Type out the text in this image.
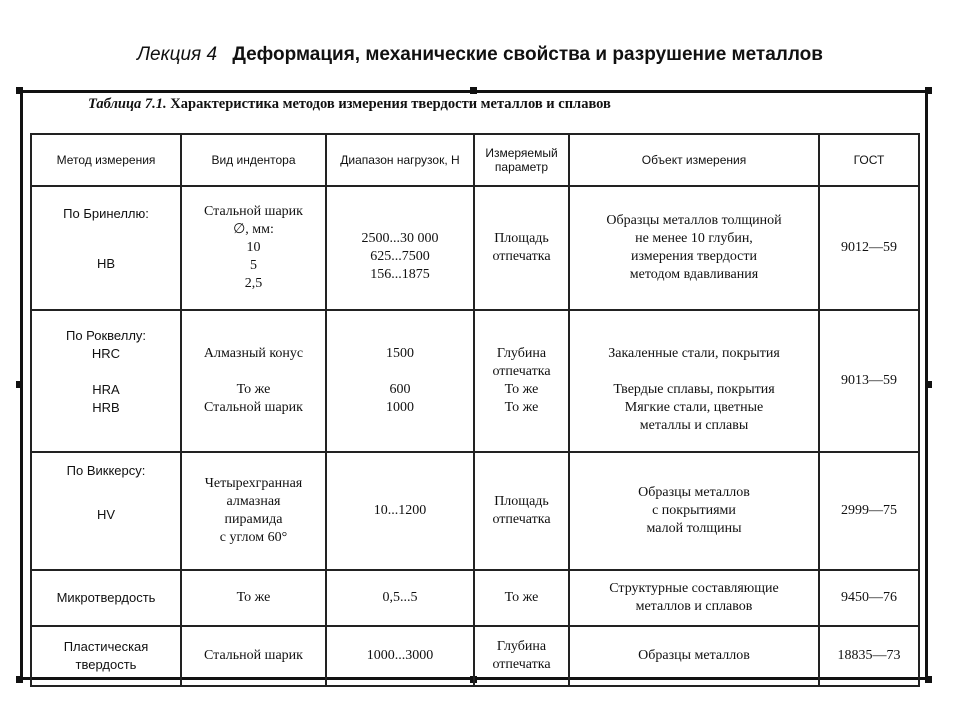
Лекция 4 Деформация, механические свойства и разрушение металлов
Таблица 7.1. Характеристика методов измерения твердости металлов и сплавов
Метод измерения	Вид индентора	Диапазон нагрузок, Н	Измеряемый параметр	Объект измерения	ГОСТ

По Бринеллю:
HB	Стальной шарик
∅, мм:
10
5
2,5	2500...30 000
625...7500
156...1875	Площадь
отпечатка	Образцы металлов толщиной
не менее 10 глубин,
измерения твердости
методом вдавливания	9012—59

По Роквеллу:
HRC
HRA
HRB	Алмазный конус
То же
Стальной шарик	1500
600
1000	Глубина
отпечатка
То же
То же	Закаленные стали, покрытия
Твердые сплавы, покрытия
Мягкие стали, цветные
металлы и сплавы	9013—59

По Виккерсу:
HV	Четырехгранная
алмазная
пирамида
с углом 60°	10...1200	Площадь
отпечатка	Образцы металлов
с покрытиями
малой толщины	2999—75
Микротвердость	То же	0,5...5	То же	Структурные составляющие
металлов и сплавов	9450—76

Пластическая
твердость	Стальной шарик	1000...3000	Глубина
отпечатка	Образцы металлов	18835—73
